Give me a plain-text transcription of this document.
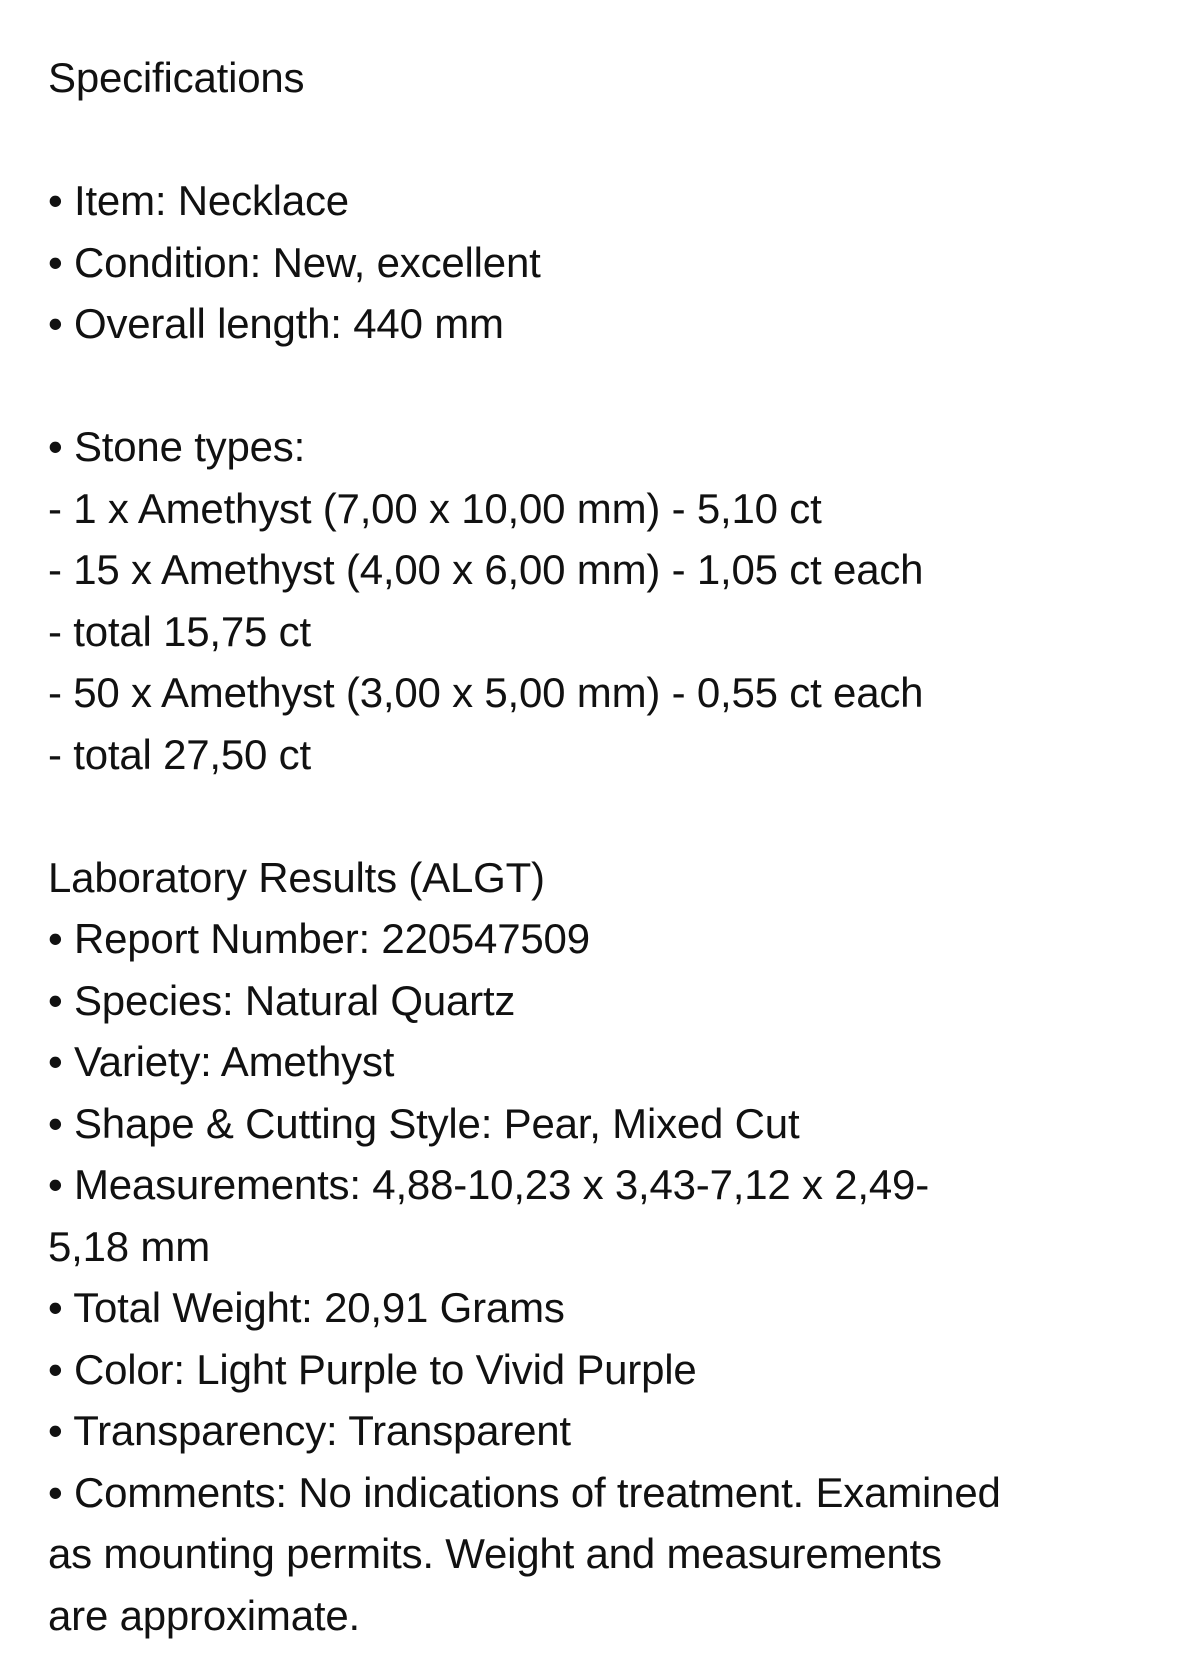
Specifications
• Item: Necklace
• Condition: New, excellent
• Overall length: 440 mm
• Stone types:
- 1 x Amethyst (7,00 x 10,00 mm) - 5,10 ct
- 15 x Amethyst (4,00 x 6,00 mm) - 1,05 ct each
- total 15,75 ct
- 50 x Amethyst (3,00 x 5,00 mm) - 0,55 ct each
- total 27,50 ct
Laboratory Results (ALGT)
• Report Number: 220547509
• Species: Natural Quartz
• Variety: Amethyst
• Shape & Cutting Style: Pear, Mixed Cut
• Measurements: 4,88-10,23 x 3,43-7,12 x 2,49-5,18 mm
• Total Weight: 20,91 Grams
• Color: Light Purple to Vivid Purple
• Transparency: Transparent
• Comments: No indications of treatment. Examined as mounting permits. Weight and measurements are approximate.
